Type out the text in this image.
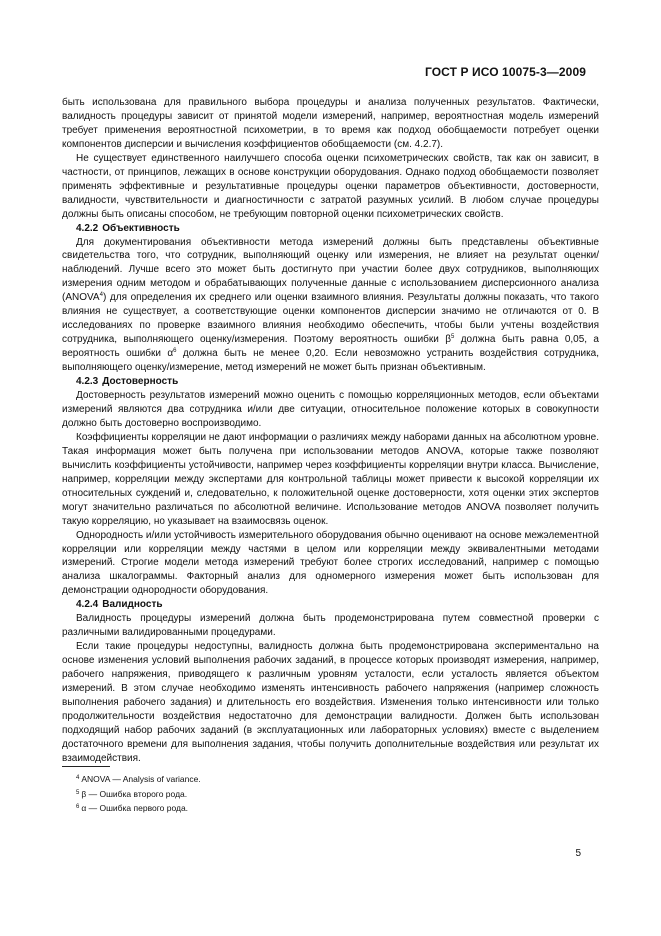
ГОСТ Р ИСО 10075-3—2009

быть использована для правильного выбора процедуры и анализа полученных результатов. Фактически, валидность процедуры зависит от принятой модели измерений, например, вероятностная модель измерений требует применения вероятностной психометрии, в то время как подход обобщаемости потребует оценки компонентов дисперсии и вычисления коэффициентов обобщаемости (см. 4.2.7).

Не существует единственного наилучшего способа оценки психометрических свойств, так как он зависит, в частности, от принципов, лежащих в основе конструкции оборудования. Однако подход обобщаемости позволяет применять эффективные и результативные процедуры оценки параметров объективности, достоверности, валидности, чувствительности и диагностичности с затратой разумных усилий. В любом случае процедуры должны быть описаны способом, не требующим повторной оценки психометрических свойств.

4.2.2 Объективность

Для документирования объективности метода измерений должны быть представлены объективные свидетельства того, что сотрудник, выполняющий оценку или измерения, не влияет на результат оценки/наблюдений. Лучше всего это может быть достигнуто при участии более двух сотрудников, выполняющих измерения одним методом и обрабатывающих полученные данные с использованием дисперсионного анализа (ANOVA$^4$) для определения их среднего или оценки взаимного влияния. Результаты должны показать, что такого влияния не существует, а соответствующие оценки компонентов дисперсии значимо не отличаются от 0. В исследованиях по проверке взаимного влияния необходимо обеспечить, чтобы были учтены воздействия сотрудника, выполняющего оценку/измерения. Поэтому вероятность ошибки $\beta^5$ должна быть равна 0,05, а вероятность ошибки $\alpha^6$ должна быть не менее 0,20. Если невозможно устранить воздействия сотрудника, выполняющего оценку/измерение, метод измерений не может быть признан объективным.

4.2.3 Достоверность

Достоверность результатов измерений можно оценить с помощью корреляционных методов, если объектами измерений являются два сотрудника и/или две ситуации, относительное положение которых в совокупности должно быть достоверно воспроизводимо.

Коэффициенты корреляции не дают информации о различиях между наборами данных на абсолютном уровне. Такая информация может быть получена при использовании методов ANOVA, которые также позволяют вычислить коэффициенты устойчивости, например через коэффициенты корреляции внутри класса. Вычисление, например, корреляции между экспертами для контрольной таблицы может привести к высокой корреляции их относительных суждений и, следовательно, к положительной оценке достоверности, хотя оценки этих экспертов могут значительно различаться по абсолютной величине. Использование методов ANOVA позволяет получить такую корреляцию, но указывает на взаимосвязь оценок.

Однородность и/или устойчивость измерительного оборудования обычно оценивают на основе межэлементной корреляции или корреляции между частями в целом или корреляции между эквивалентными методами измерений. Строгие модели метода измерений требуют более строгих исследований, например с помощью анализа шкалограммы. Факторный анализ для одномерного измерения может быть использован для демонстрации однородности оборудования.

4.2.4 Валидность

Валидность процедуры измерений должна быть продемонстрирована путем совместной проверки с различными валидированными процедурами.

Если такие процедуры недоступны, валидность должна быть продемонстрирована экспериментально на основе изменения условий выполнения рабочих заданий, в процессе которых производят измерения, например, рабочего напряжения, приводящего к различным уровням усталости, если усталость является объектом измерений. В этом случае необходимо изменять интенсивность рабочего напряжения (например сложность выполнения рабочего задания) и длительность его воздействия. Изменения только интенсивности или только продолжительности воздействия недостаточно для демонстрации валидности. Должен быть использован подходящий набор рабочих заданий (в эксплуатационных или лабораторных условиях) вместе с выделением достаточного времени для выполнения задания, чтобы получить дополнительные воздействия или результат их взаимодействия.

$^4$ ANOVA — Analysis of variance.
$^5$ β — Ошибка второго рода.
$^6$ α — Ошибка первого рода.
5
